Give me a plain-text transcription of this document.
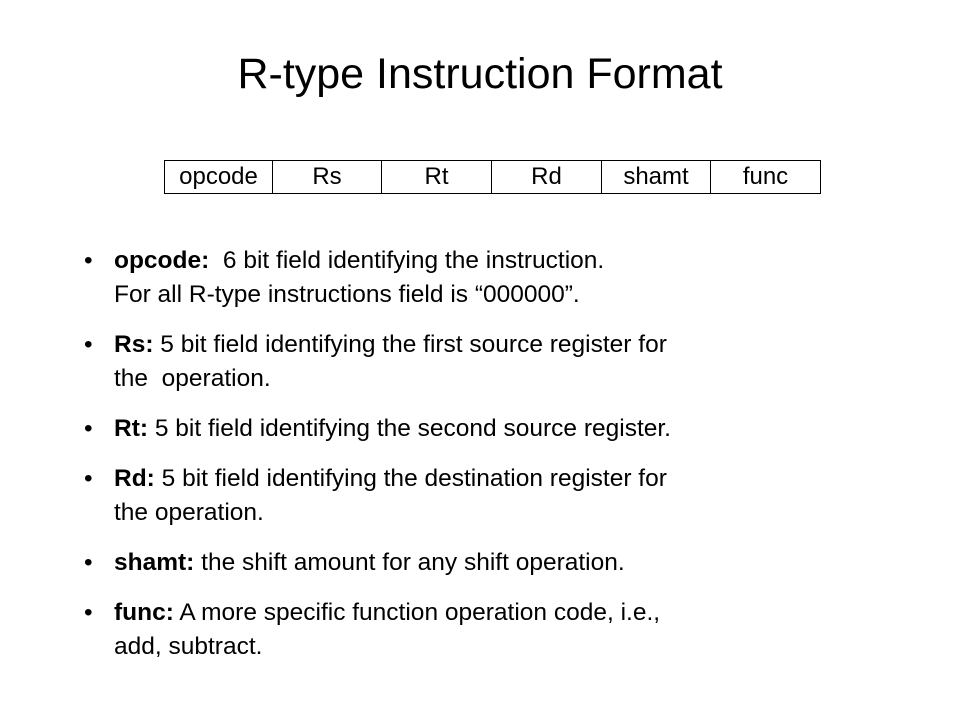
R-type Instruction Format
opcode	Rs	Rt	Rd	shamt	func
• opcode:  6 bit field identifying the instruction.
For all R-type instructions field is “000000”.
• Rs: 5 bit field identifying the first source register for
the  operation.
• Rt: 5 bit field identifying the second source register.
• Rd: 5 bit field identifying the destination register for
the operation.
• shamt: the shift amount for any shift operation.
• func: A more specific function operation code, i.e.,
add, subtract.
